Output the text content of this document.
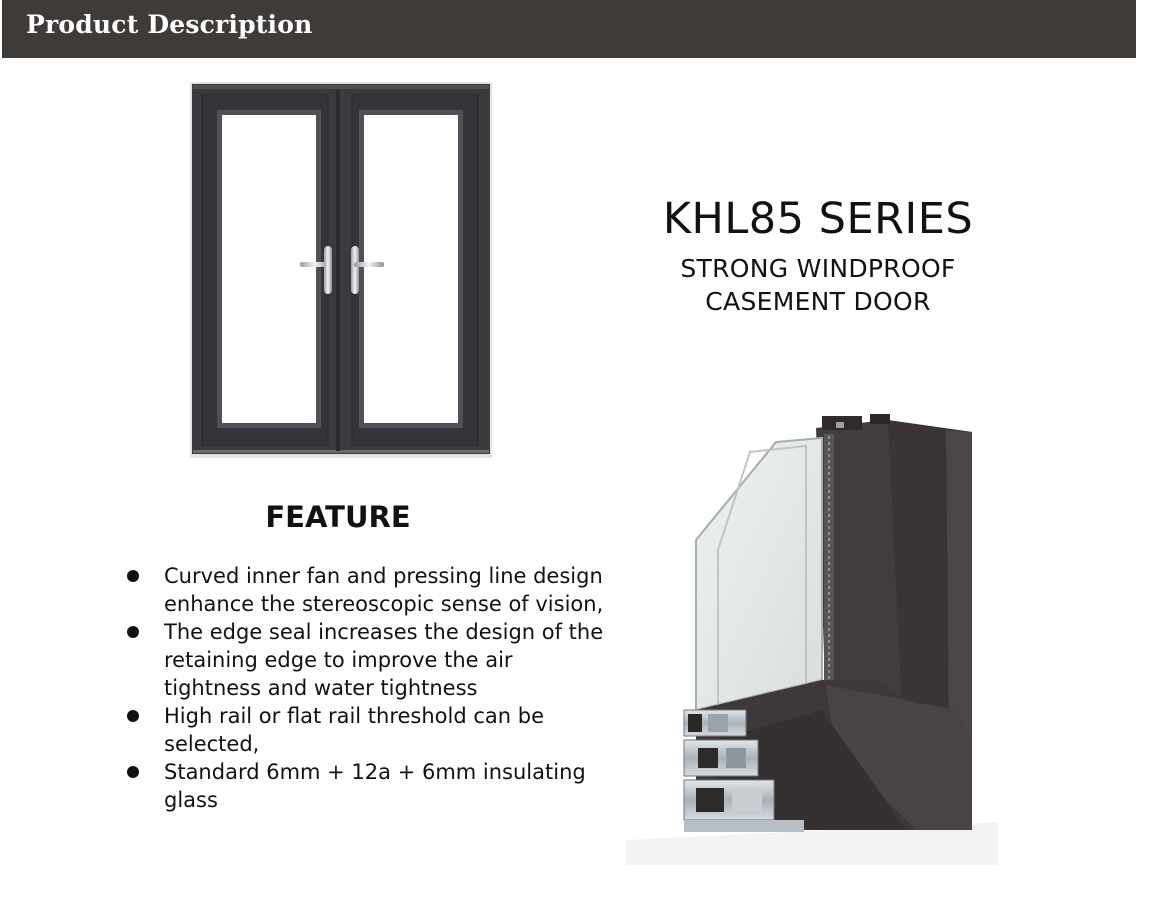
Product Description
KHL85 SERIES
STRONG WINDPROOF
CASEMENT DOOR
FEATURE
Curved inner fan and pressing line design enhance the stereoscopic sense of vision,
The edge seal increases the design of the retaining edge to improve the air tightness and water tightness
High rail or flat rail threshold can be selected,
Standard 6mm + 12a + 6mm insulating glass
